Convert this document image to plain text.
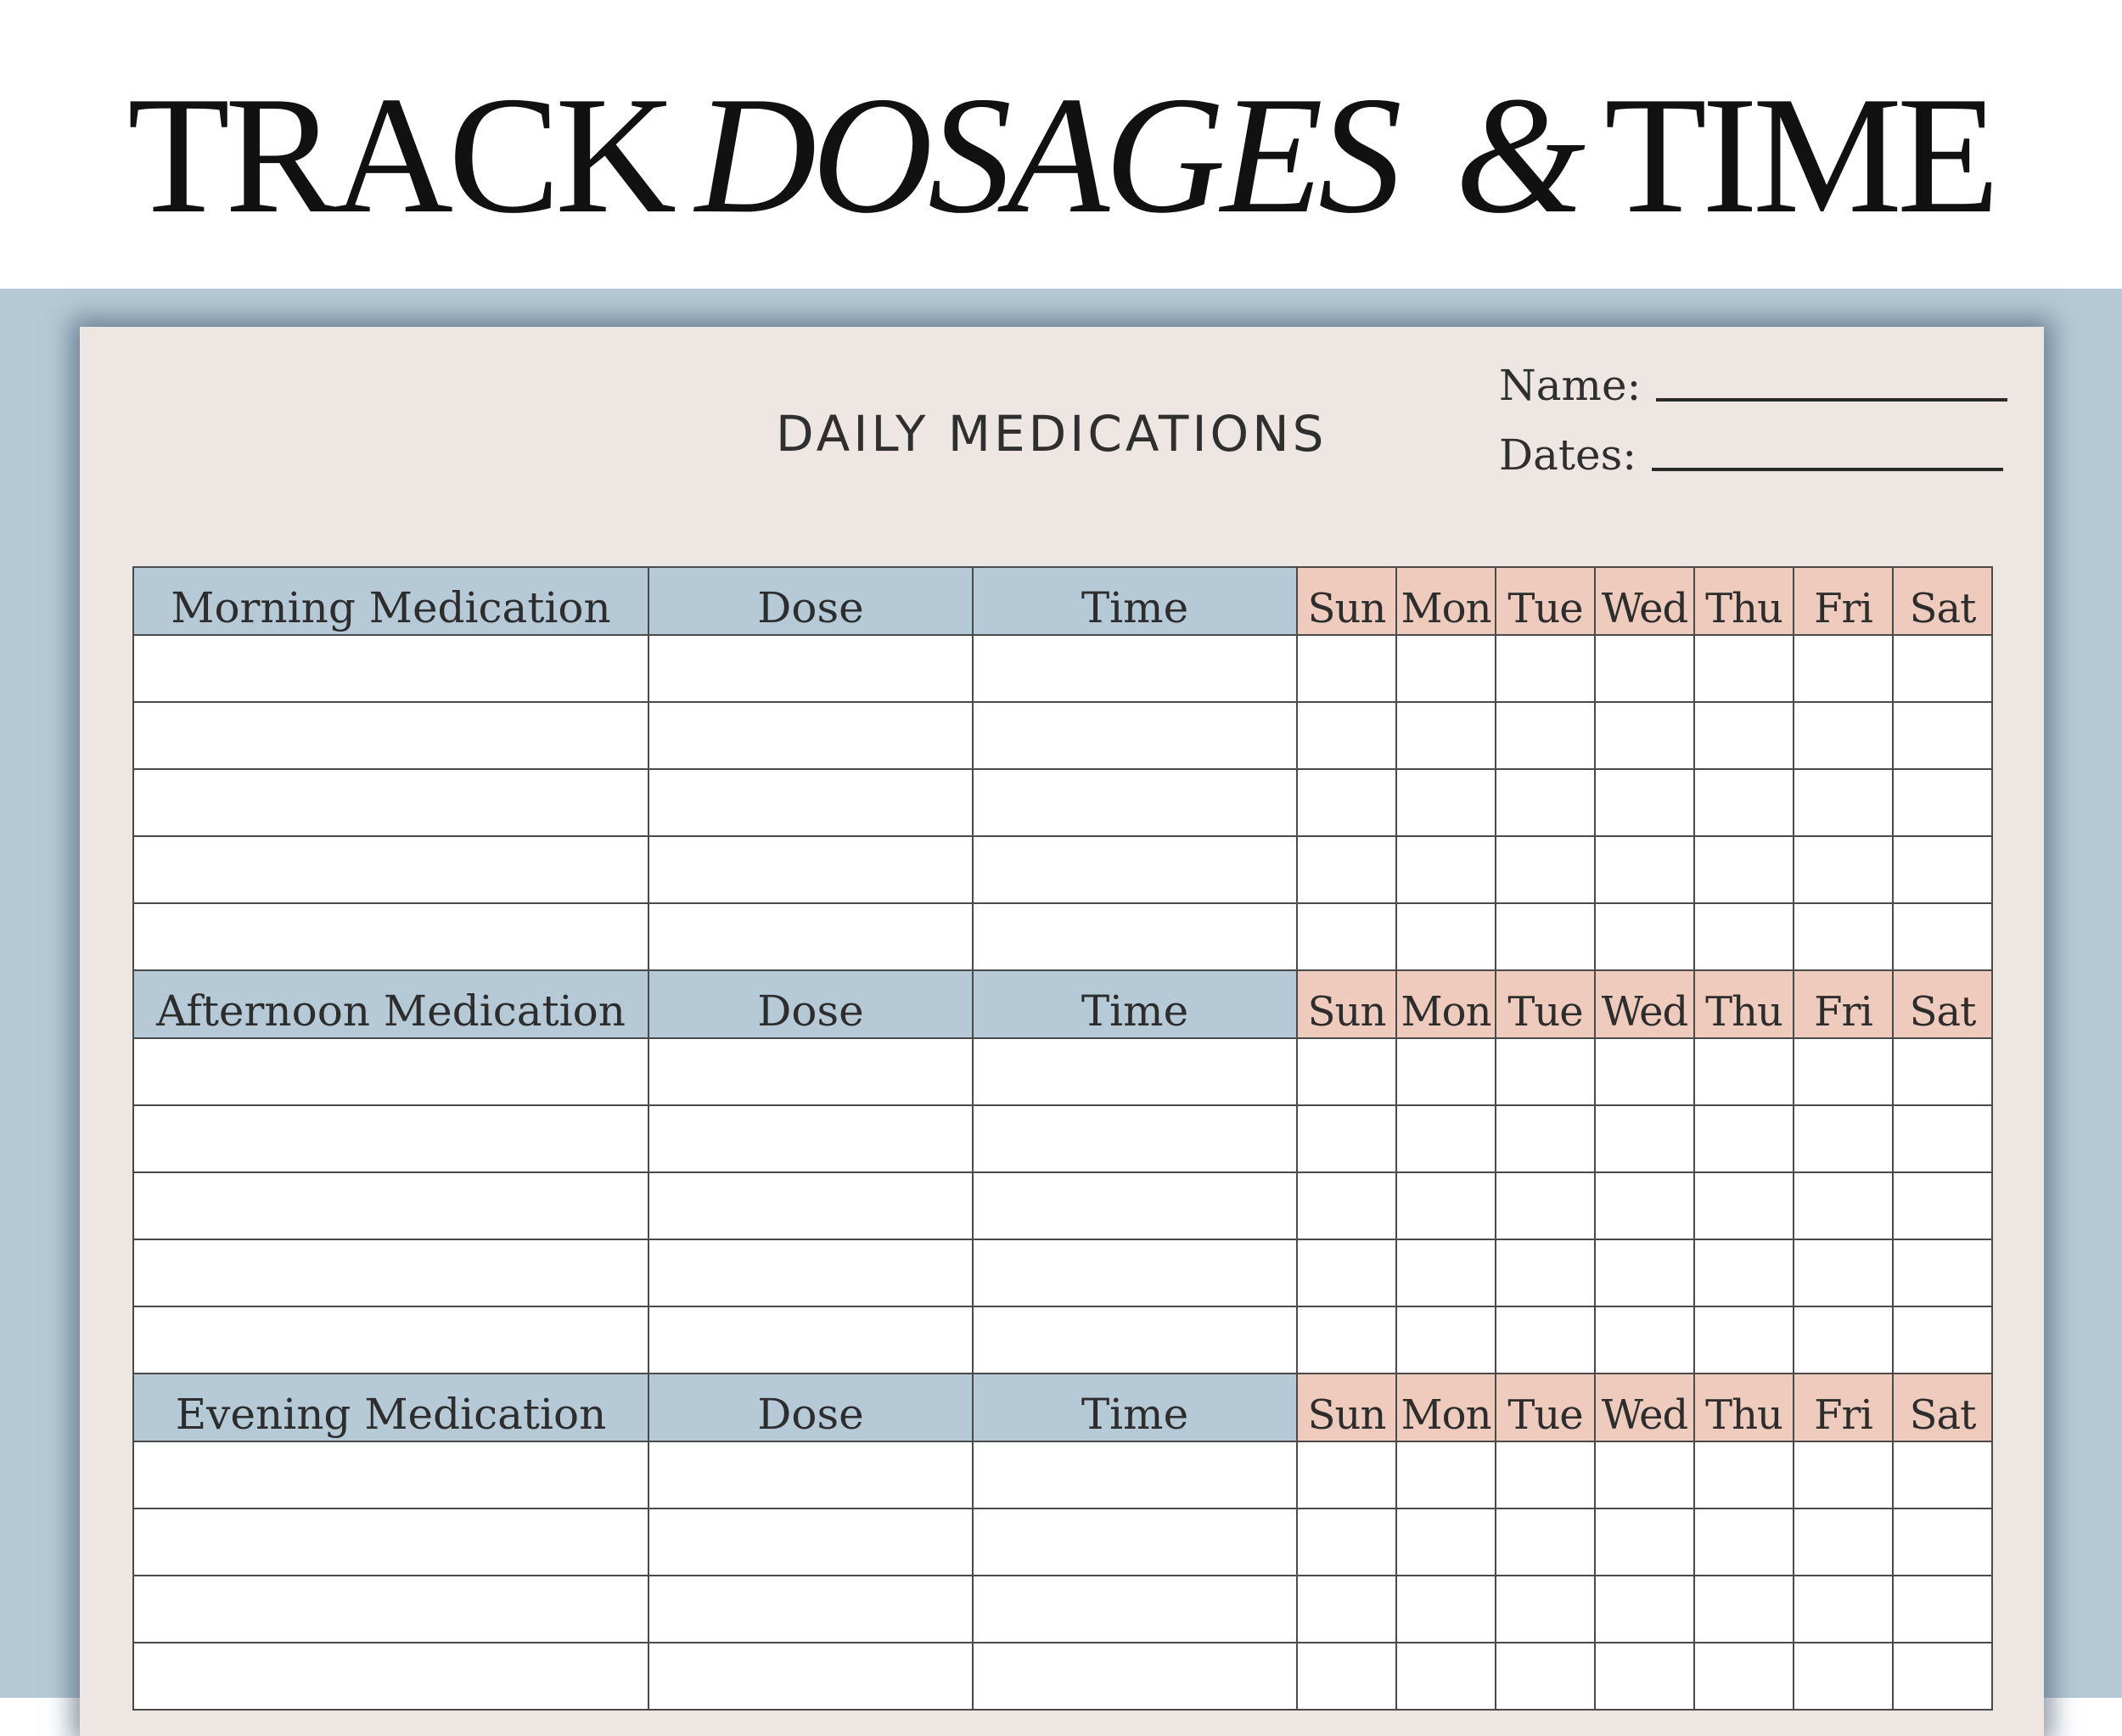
TRACK DOSAGES & TIME
DAILY MEDICATIONS
Name:
Dates:
Morning Medication	Dose	Time	Sun	Mon	Tue	Wed	Thu	Fri	Sat

Afternoon Medication	Dose	Time	Sun	Mon	Tue	Wed	Thu	Fri	Sat

Evening Medication	Dose	Time	Sun	Mon	Tue	Wed	Thu	Fri	Sat
